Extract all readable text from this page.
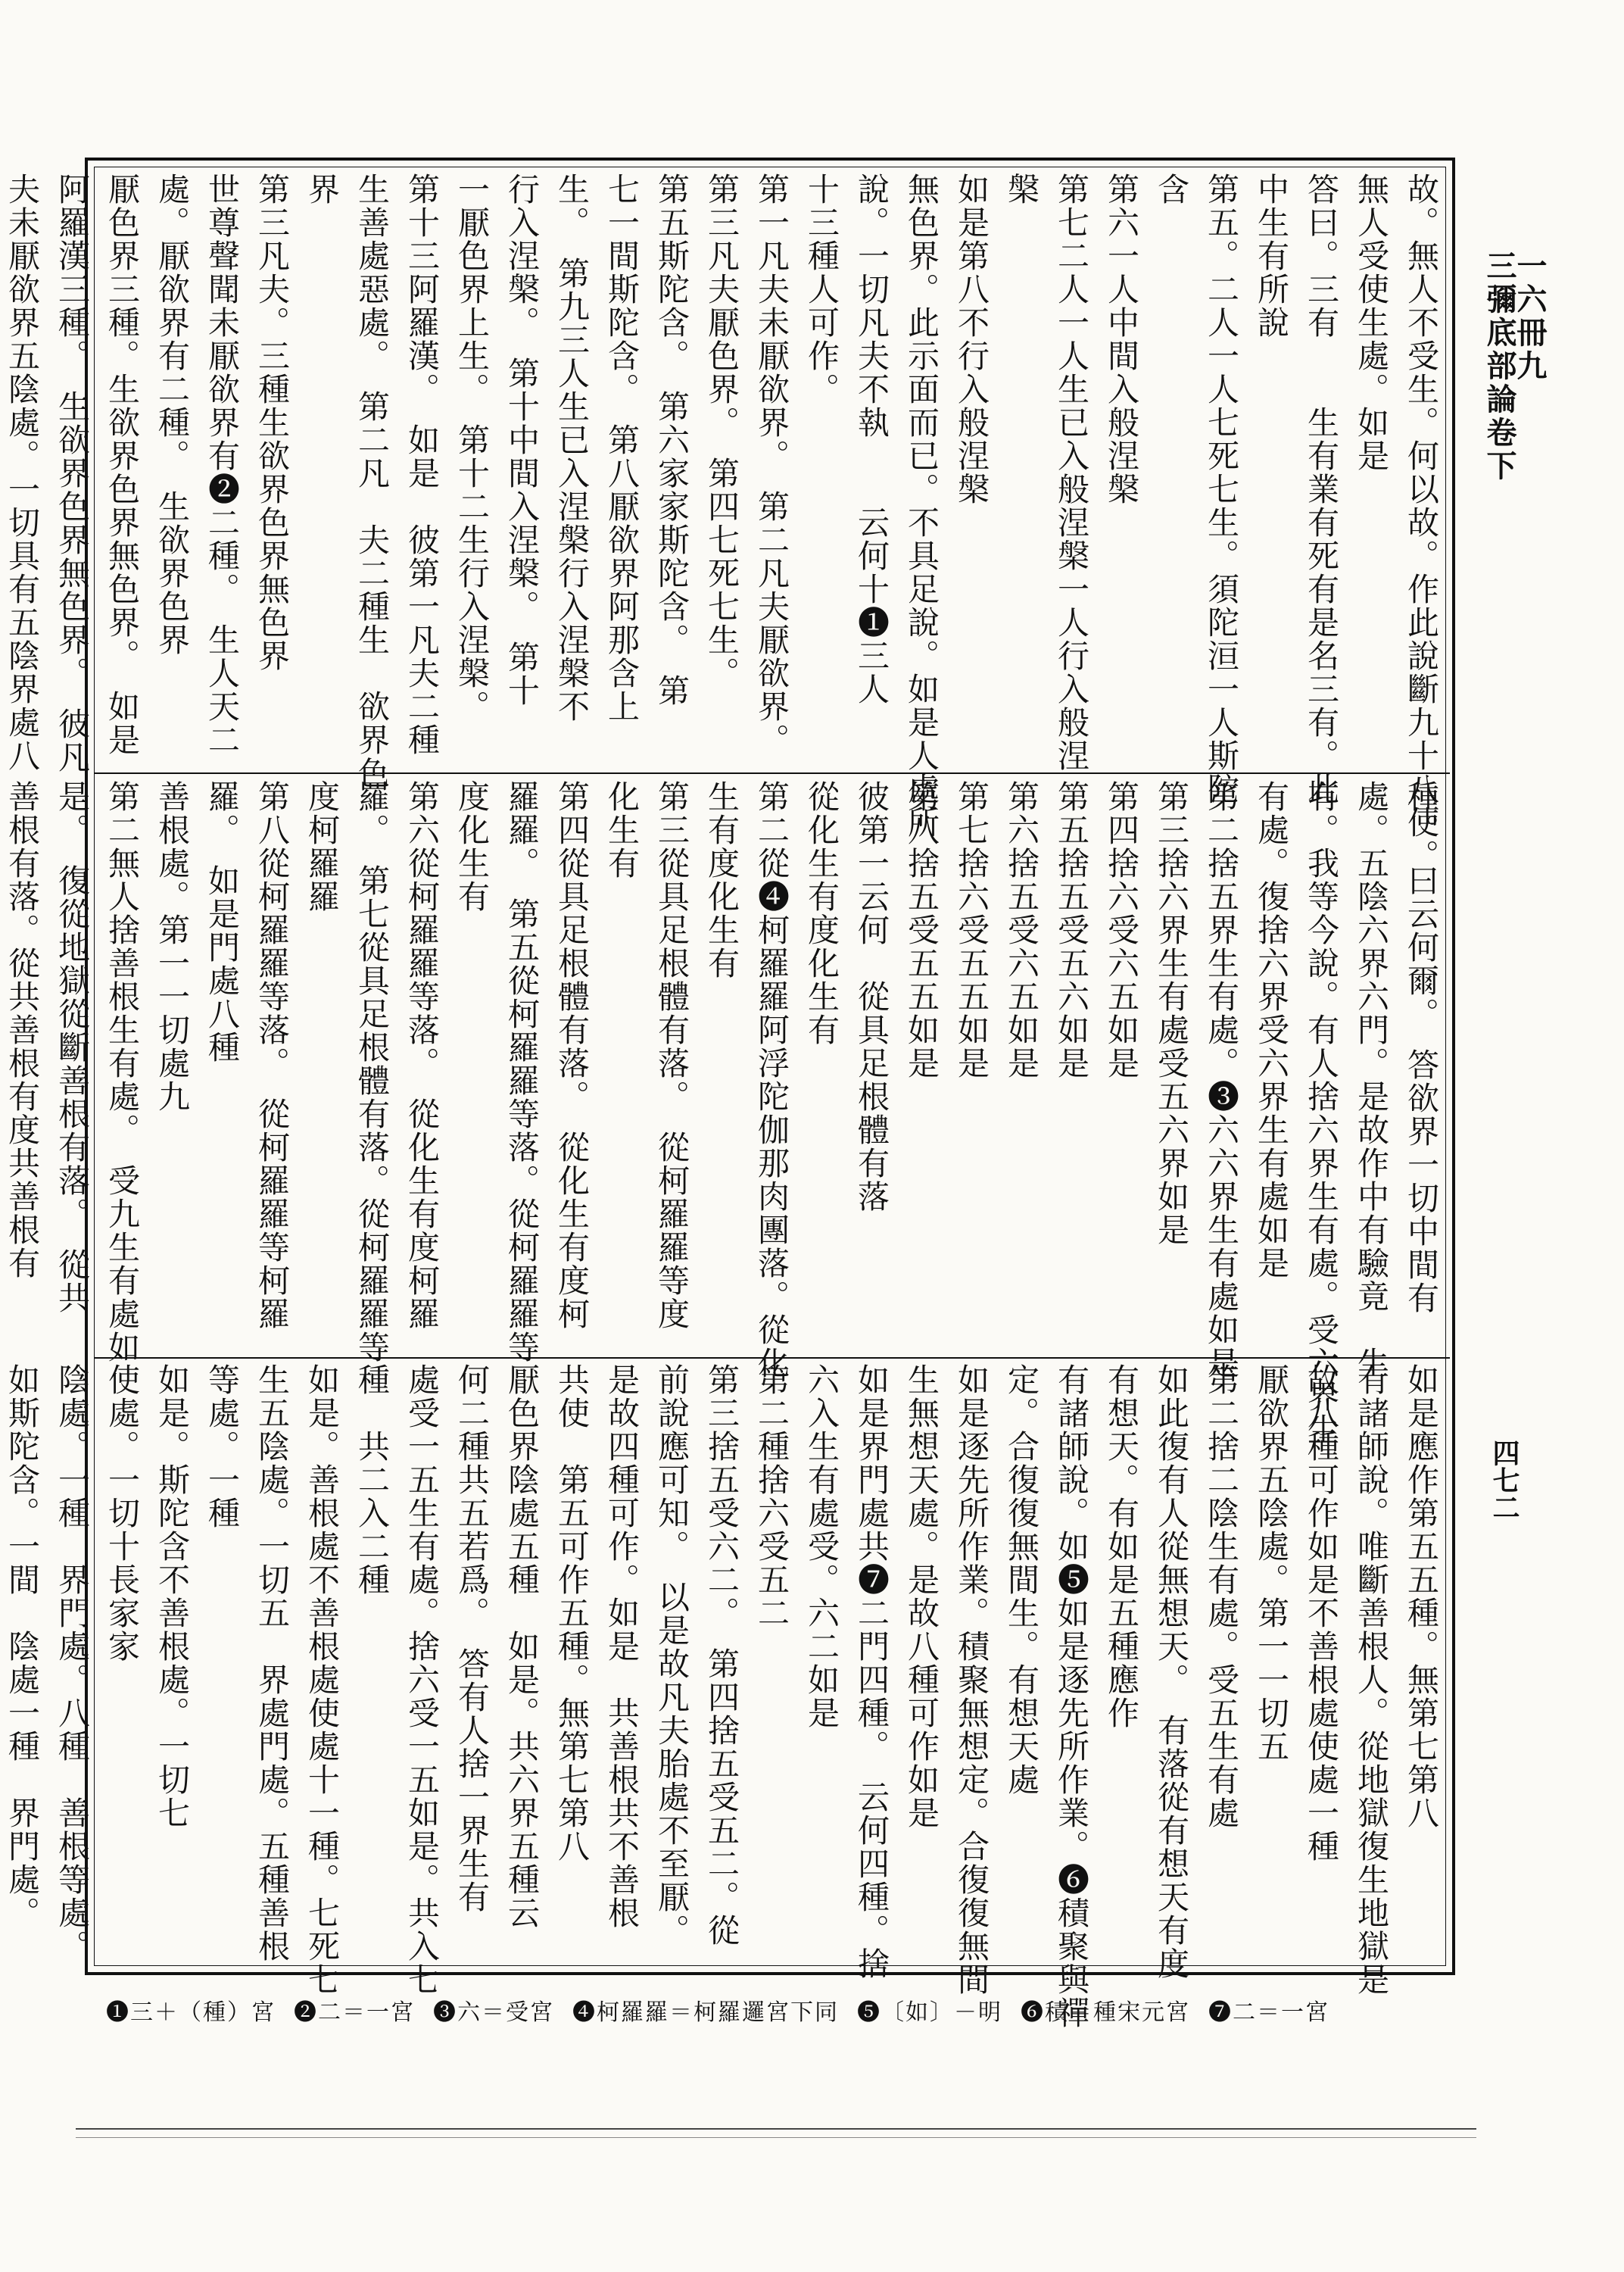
一六冊九
三彌底部論卷下
四七二
故。無人不受生。何以故。作此說斷九十八使。
無人受使生處。如是
答曰。三有　　生有業有死有是名三有。此
中生有所說
第五。二人一人七死七生。須陀洹一人斯陀
含
第六一人中間入般涅槃
第七二人一人生已入般涅槃一人行入般涅
槃
如是第八不行入般涅槃
無色界。此示面而已。不具足說。如是人處所
說。一切凡夫不執　　云何十❶三人
十三種人可作。
第一凡夫未厭欲界。　第二凡夫厭欲界。
第三凡夫厭色界。　第四七死七生。
第五斯陀含。　第六家家斯陀含。　第
七一間斯陀含。　第八厭欲界阿那含上
生。　第九三人生已入涅槃行入涅槃不
行入涅槃。　第十中間入涅槃。　第十
一厭色界上生。　第十二生行入涅槃。
第十三阿羅漢。　如是　彼第一凡夫二種
生善處惡處。　第二凡　夫二種生　欲界色
界
第三凡夫。三種生欲界色界無色界
世尊聲聞未厭欲界有❷二種。　生人天二
處。厭欲界有二種。　生欲界色界
厭色界三種。生欲界色界無色界。　如是
阿羅漢三種。　生欲界色界無色界。　彼凡
夫未厭欲界五陰處。一切具有五陰界處八
種。　曰云何爾。　答欲界一切中間有
處。五陰六界六門。是故作中有驗竟　生
有。我等今說。有人捨六界生有處。受六界生
有處。復捨六界受六界生有處如是
第二捨五界生有處。❸六六界生有處如是
第三捨六界生有處受五六界如是
第四捨六受六五如是
第五捨五受五六如是
第六捨五受六五如是
第七捨六受五五如是
第八捨五受五五如是
彼第一云何　從具足根體有落
從化生有度化生有
第二從❹柯羅羅阿浮陀伽那肉團落。從化
生有度化生有
第三從具足根體有落。　從柯羅羅等度
化生有
第四從具足根體有落。　從化生有度柯
羅羅。　第五從柯羅羅等落。從柯羅羅等
度化生有
第六從柯羅羅等落。　從化生有度柯羅
羅。　第七從具足根體有落。從柯羅羅等
度柯羅羅
第八從柯羅羅等落。　從柯羅羅等柯羅
羅。　如是門處八種
善根處。第一一切處九
第二無人捨善根生有處。　受九生有處如
是。　復從地獄從斷善根有落。　從共
善根有落。從共善根有度共善根有
如是應作第五五種。無第七第八
有諸師說。唯斷善根人。從地獄復生地獄是
故八種可作如是不善根處使處一種
厭欲界五陰處。第一一切五
第二捨二陰生有處。受五生有處
如此復有人從無想天。　有落從有想天有度
有想天。有如是五種應作
有諸師說。如❺如是逐先所作業。❻積聚與禪
定。合復復無間生。有想天處
如是逐先所作業。積聚無想定。合復復無間
生無想天處。是故八種可作如是
如是界門處共❼二門四種。　云何四種。捨
六入生有處受。六二如是
第二種捨六受五二
第三捨五受六二。　第四捨五受五二。從
前說應可知。　以是故凡夫胎處不至厭。
是故四種可作。如是　共善根共不善根
共使　第五可作五種。無第七第八
厭色界陰處五種　如是。共六界五種云
何二種共五若爲。　答有人捨一界生有
處受一五生有處。捨六受一五如是。共入七
種　共二入二種
如是。善根處不善根處使處十一種。七死七
生五陰處。一切五　界處門處。五種善根
等處。一種
如是。斯陀含不善根處。一切七
使處。一切十長家家
陰處。一種　界門處。八種　善根等處。
如斯陀含。一間　陰處一種　界門處。
❶三＋（種）宮 ❷二＝一宮 ❸六＝受宮 ❹柯羅羅＝柯羅邏宮下同 ❺〔如〕－明 ❻積＝種宋元宮 ❼二＝一宮
